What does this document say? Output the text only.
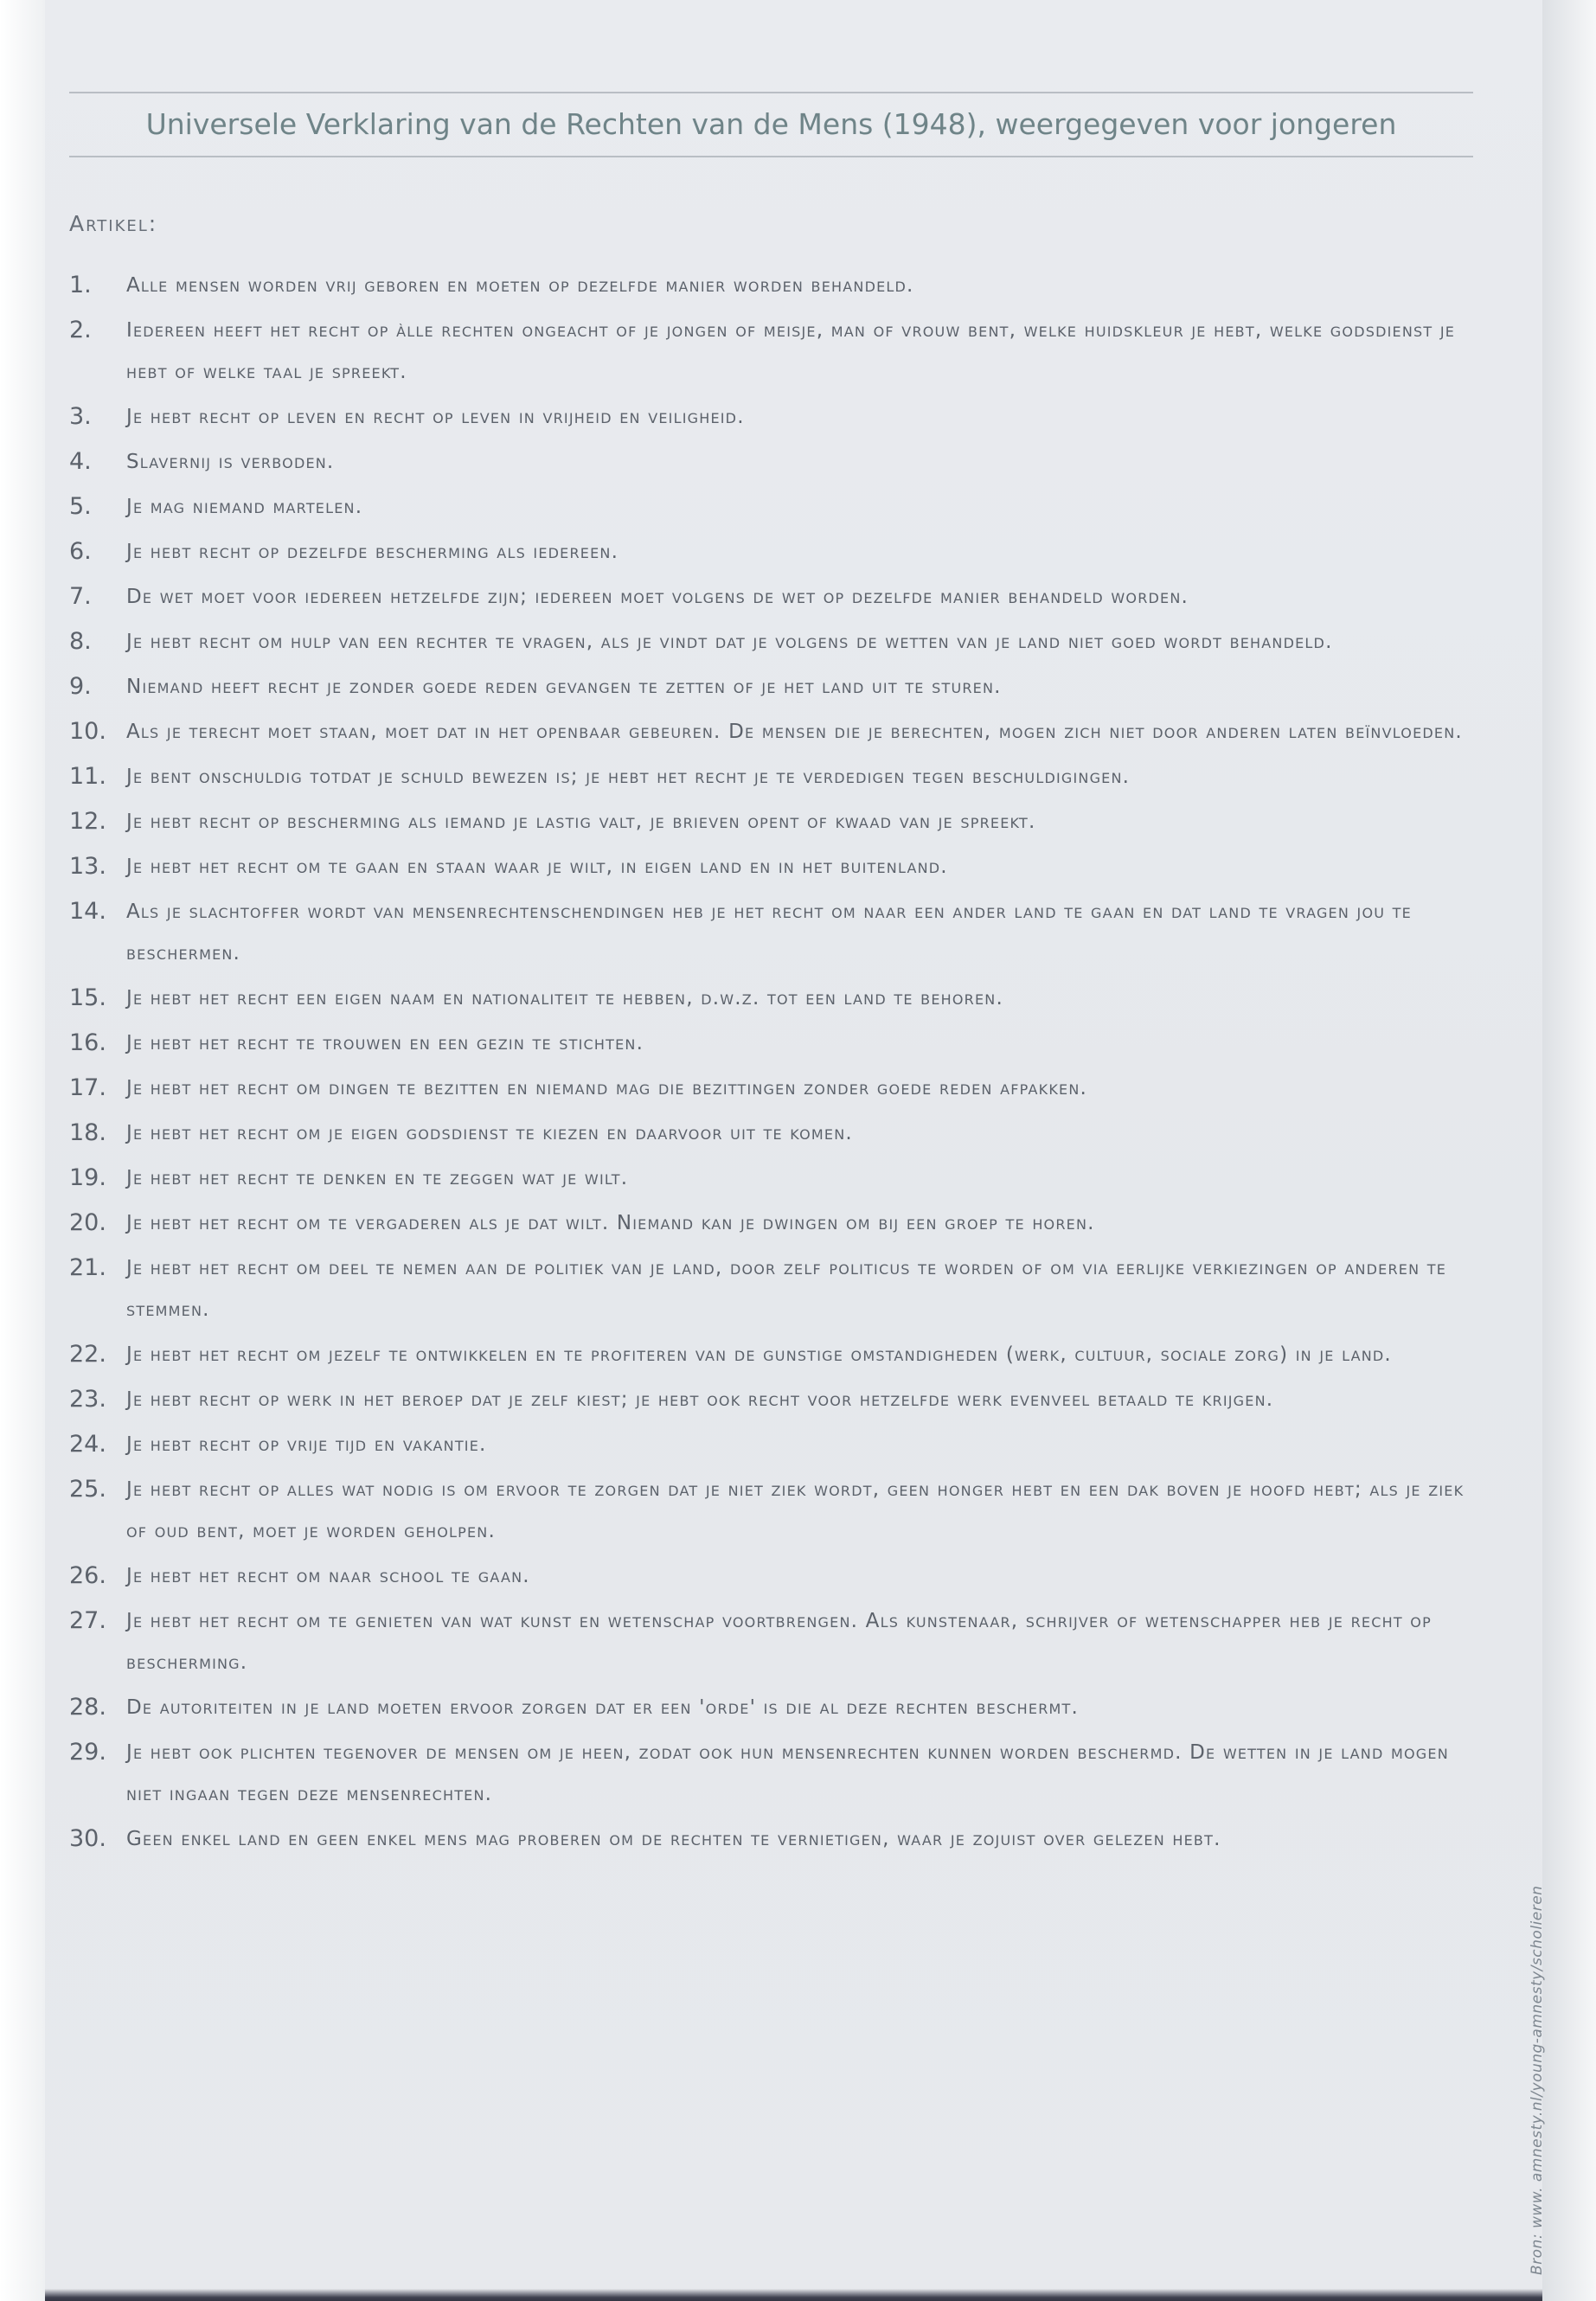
Universele Verklaring van de Rechten van de Mens (1948), weergegeven voor jongeren
Artikel:
1. Alle mensen worden vrij geboren en moeten op dezelfde manier worden behandeld.
2. Iedereen heeft het recht op àlle rechten ongeacht of je jongen of meisje, man of vrouw bent, welke huidskleur je hebt, welke godsdienst je hebt of welke taal je spreekt.
3. Je hebt recht op leven en recht op leven in vrijheid en veiligheid.
4. Slavernij is verboden.
5. Je mag niemand martelen.
6. Je hebt recht op dezelfde bescherming als iedereen.
7. De wet moet voor iedereen hetzelfde zijn; iedereen moet volgens de wet op dezelfde manier behandeld worden.
8. Je hebt recht om hulp van een rechter te vragen, als je vindt dat je volgens de wetten van je land niet goed wordt behandeld.
9. Niemand heeft recht je zonder goede reden gevangen te zetten of je het land uit te sturen.
10. Als je terecht moet staan, moet dat in het openbaar gebeuren. De mensen die je berechten, mogen zich niet door anderen laten beïnvloeden.
11. Je bent onschuldig totdat je schuld bewezen is; je hebt het recht je te verdedigen tegen beschuldigingen.
12. Je hebt recht op bescherming als iemand je lastig valt, je brieven opent of kwaad van je spreekt.
13. Je hebt het recht om te gaan en staan waar je wilt, in eigen land en in het buitenland.
14. Als je slachtoffer wordt van mensenrechtenschendingen heb je het recht om naar een ander land te gaan en dat land te vragen jou te beschermen.
15. Je hebt het recht een eigen naam en nationaliteit te hebben, d.w.z. tot een land te behoren.
16. Je hebt het recht te trouwen en een gezin te stichten.
17. Je hebt het recht om dingen te bezitten en niemand mag die bezittingen zonder goede reden afpakken.
18. Je hebt het recht om je eigen godsdienst te kiezen en daarvoor uit te komen.
19. Je hebt het recht te denken en te zeggen wat je wilt.
20. Je hebt het recht om te vergaderen als je dat wilt. Niemand kan je dwingen om bij een groep te horen.
21. Je hebt het recht om deel te nemen aan de politiek van je land, door zelf politicus te worden of om via eerlijke verkiezingen op anderen te stemmen.
22. Je hebt het recht om jezelf te ontwikkelen en te profiteren van de gunstige omstandigheden (werk, cultuur, sociale zorg) in je land.
23. Je hebt recht op werk in het beroep dat je zelf kiest; je hebt ook recht voor hetzelfde werk evenveel betaald te krijgen.
24. Je hebt recht op vrije tijd en vakantie.
25. Je hebt recht op alles wat nodig is om ervoor te zorgen dat je niet ziek wordt, geen honger hebt en een dak boven je hoofd hebt; als je ziek of oud bent, moet je worden geholpen.
26. Je hebt het recht om naar school te gaan.
27. Je hebt het recht om te genieten van wat kunst en wetenschap voortbrengen. Als kunstenaar, schrijver of wetenschapper heb je recht op bescherming.
28. De autoriteiten in je land moeten ervoor zorgen dat er een 'orde' is die al deze rechten beschermt.
29. Je hebt ook plichten tegenover de mensen om je heen, zodat ook hun mensenrechten kunnen worden beschermd. De wetten in je land mogen niet ingaan tegen deze mensenrechten.
30. Geen enkel land en geen enkel mens mag proberen om de rechten te vernietigen, waar je zojuist over gelezen hebt.
Bron: www. amnesty.nl/young-amnesty/scholieren
